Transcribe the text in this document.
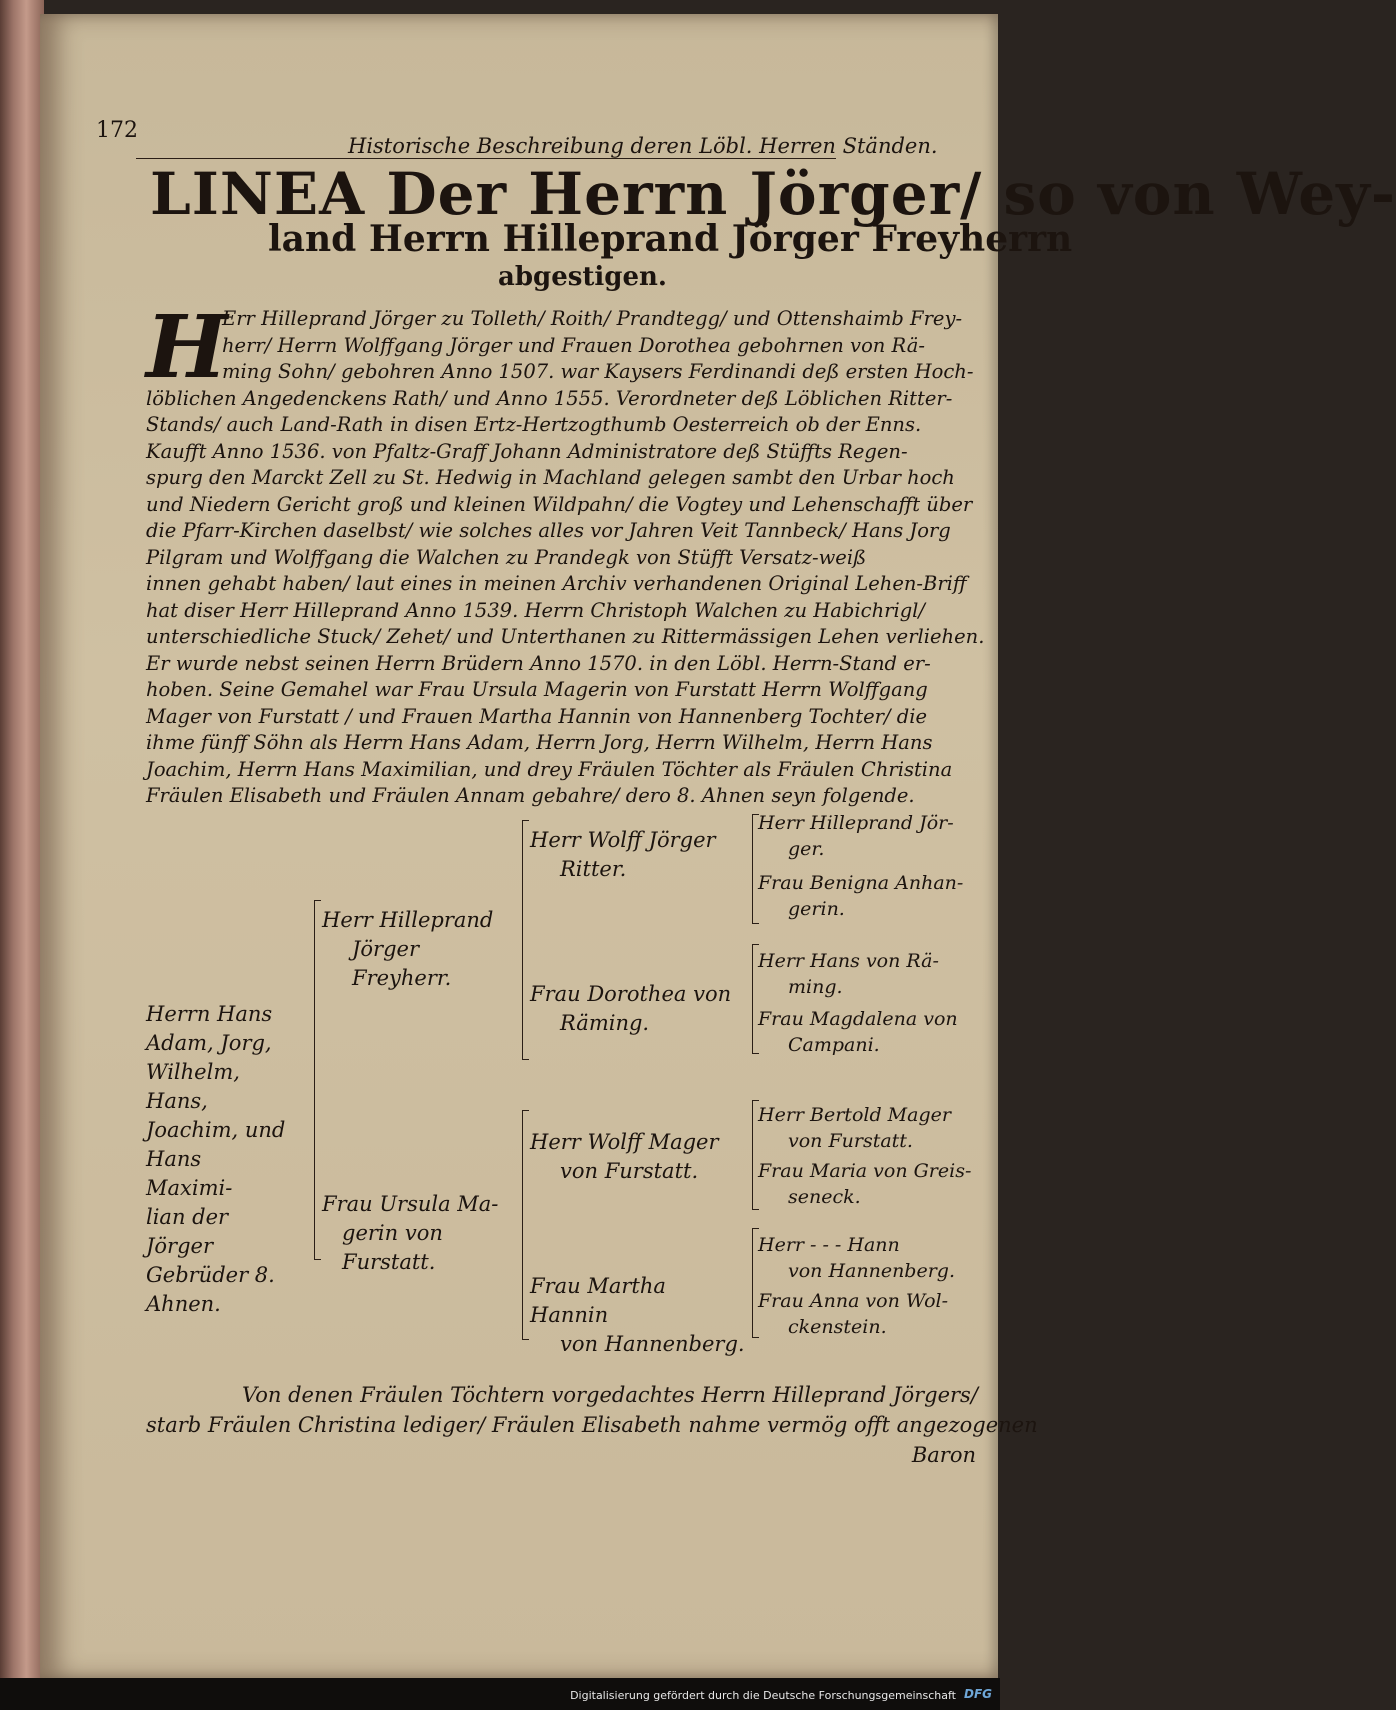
172
Historische Beschreibung deren Löbl. Herren Ständen.
LINEA Der Herrn Jörger/ so von Wey-
land Herrn Hilleprand Jörger Freyherrn
abgestigen.
H
Err Hilleprand Jörger zu Tolleth/ Roith/ Prandtegg/ und Ottenshaimb Frey-
herr/ Herrn Wolffgang Jörger und Frauen Dorothea gebohrnen von Rä-
ming Sohn/ gebohren Anno 1507. war Kaysers Ferdinandi deß ersten Hoch-
löblichen Angedenckens Rath/ und Anno 1555. Verordneter deß Löblichen Ritter-
Stands/ auch Land-Rath in disen Ertz-Hertzogthumb Oesterreich ob der Enns.
Kaufft Anno 1536. von Pfaltz-Graff Johann Administratore deß Stüffts Regen-
spurg den Marckt Zell zu St. Hedwig in Machland gelegen sambt den Urbar hoch
und Niedern Gericht groß und kleinen Wildpahn/ die Vogtey und Lehenschafft über
die Pfarr-Kirchen daselbst/ wie solches alles vor Jahren Veit Tannbeck/ Hans Jorg
Pilgram und Wolffgang die Walchen zu Prandegk von Stüfft Versatz-weiß
innen gehabt haben/ laut eines in meinen Archiv verhandenen Original Lehen-Briff
hat diser Herr Hilleprand Anno 1539. Herrn Christoph Walchen zu Habichrigl/
unterschiedliche Stuck/ Zehet/ und Unterthanen zu Rittermässigen Lehen verliehen.
Er wurde nebst seinen Herrn Brüdern Anno 1570. in den Löbl. Herrn-Stand er-
hoben. Seine Gemahel war Frau Ursula Magerin von Furstatt Herrn Wolffgang
Mager von Furstatt / und Frauen Martha Hannin von Hannenberg Tochter/ die
ihme fünff Söhn als Herrn Hans Adam, Herrn Jorg, Herrn Wilhelm, Herrn Hans
Joachim, Herrn Hans Maximilian, und drey Fräulen Töchter als Fräulen Christina
Fräulen Elisabeth und Fräulen Annam gebahre/ dero 8. Ahnen seyn folgende.
Herrn Hans
Adam, Jorg,
Wilhelm, Hans,
Joachim, und
Hans Maximi-
lian der Jörger
Gebrüder 8.
Ahnen.
Herr Hilleprand
Jörger Freyherr.
Frau Ursula Ma-
gerin von Furstatt.
Herr Wolff Jörger
Ritter.
Frau Dorothea von
Räming.
Herr Wolff Mager
von Furstatt.
Frau Martha Hannin
von Hannenberg.
Herr Hilleprand Jör-
ger.
Frau Benigna Anhan-
gerin.
Herr Hans von Rä-
ming.
Frau Magdalena von
Campani.
Herr Bertold Mager
von Furstatt.
Frau Maria von Greis-
seneck.
Herr - - - Hann
von Hannenberg.
Frau Anna von Wol-
ckenstein.
Von denen Fräulen Töchtern vorgedachtes Herrn Hilleprand Jörgers/
starb Fräulen Christina lediger/ Fräulen Elisabeth nahme vermög offt angezogenen
Baron
Digitalisierung gefördert durch die Deutsche Forschungsgemeinschaft DFG
